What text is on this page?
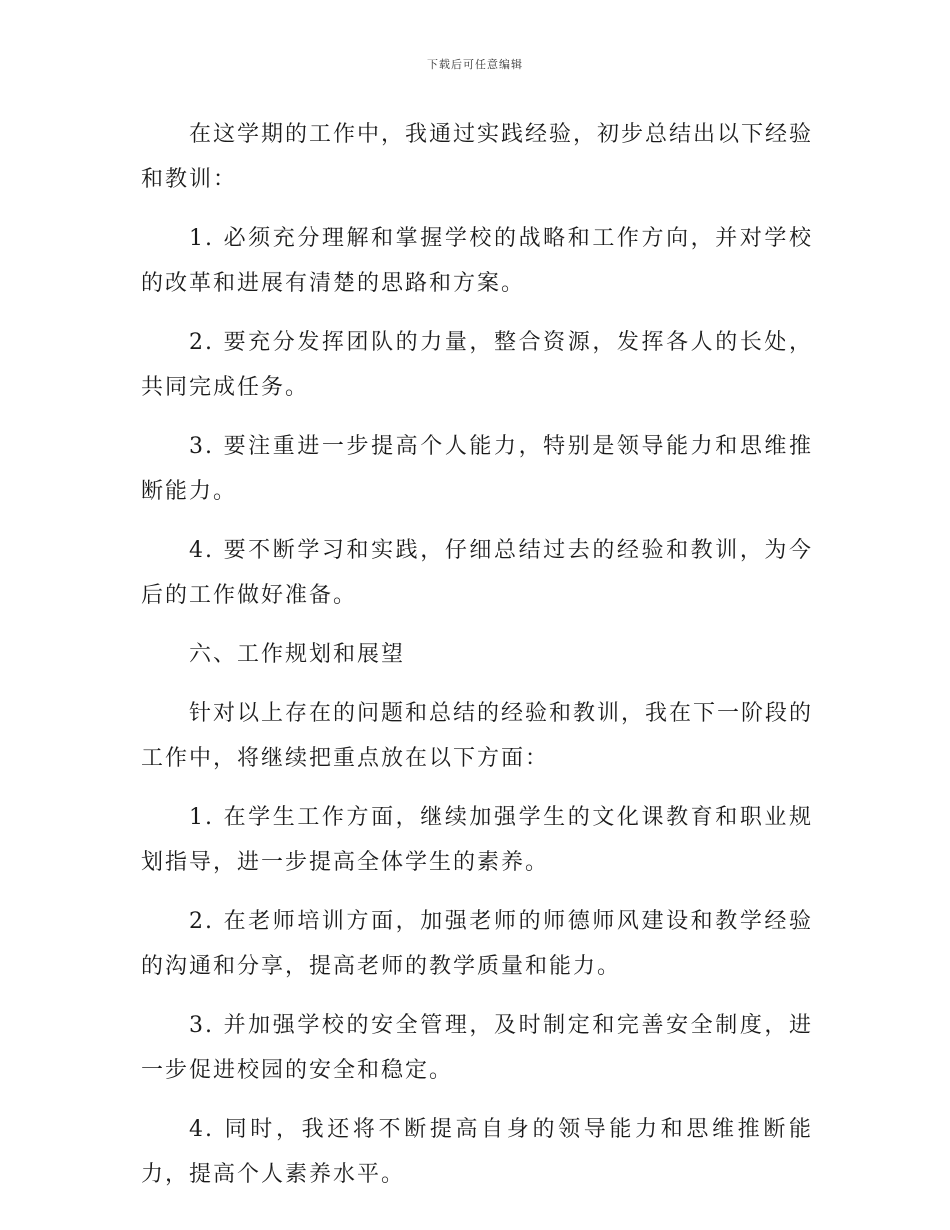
下载后可任意编辑

在这学期的工作中，我通过实践经验，初步总结出以下经验和教训：

1. 必须充分理解和掌握学校的战略和工作方向，并对学校的改革和进展有清楚的思路和方案。

2. 要充分发挥团队的力量，整合资源，发挥各人的长处，共同完成任务。

3. 要注重进一步提高个人能力，特别是领导能力和思维推断能力。

4. 要不断学习和实践，仔细总结过去的经验和教训，为今后的工作做好准备。

六、工作规划和展望

针对以上存在的问题和总结的经验和教训，我在下一阶段的工作中，将继续把重点放在以下方面：

1. 在学生工作方面，继续加强学生的文化课教育和职业规划指导，进一步提高全体学生的素养。

2. 在老师培训方面，加强老师的师德师风建设和教学经验的沟通和分享，提高老师的教学质量和能力。

3. 并加强学校的安全管理，及时制定和完善安全制度，进一步促进校园的安全和稳定。

4. 同时，我还将不断提高自身的领导能力和思维推断能力，提高个人素养水平。
